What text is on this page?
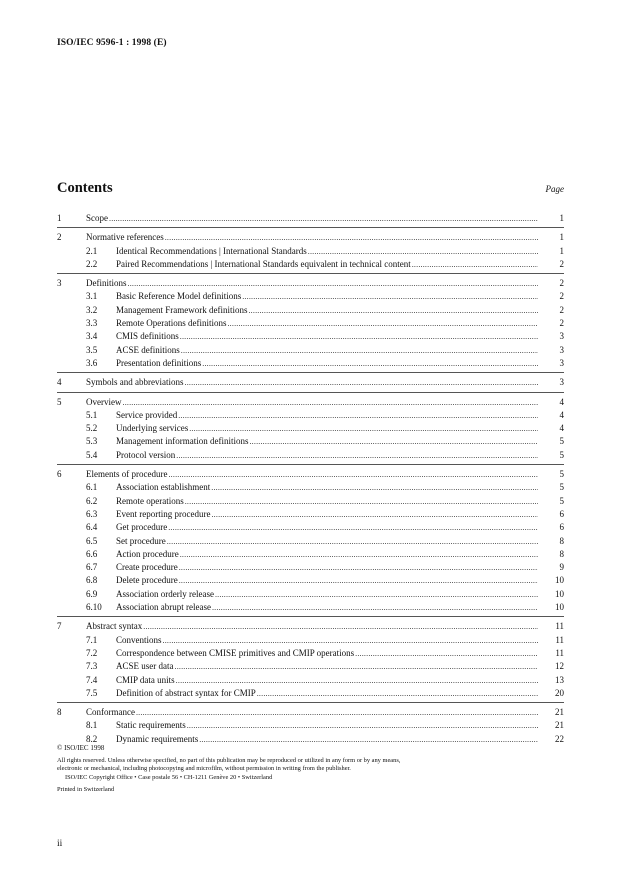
ISO/IEC 9596-1 : 1998 (E)
Contents	Page
1	Scope .....	1
2	Normative references .....	1
2.1	Identical Recommendations | International Standards .....	1
2.2	Paired Recommendations | International Standards equivalent in technical content .....	2
3	Definitions .....	2
3.1	Basic Reference Model definitions .....	2
3.2	Management Framework definitions .....	2
3.3	Remote Operations definitions .....	2
3.4	CMIS definitions .....	3
3.5	ACSE definitions .....	3
3.6	Presentation definitions .....	3
4	Symbols and abbreviations .....	3
5	Overview .....	4
5.1	Service provided .....	4
5.2	Underlying services .....	4
5.3	Management information definitions .....	5
5.4	Protocol version .....	5
6	Elements of procedure .....	5
6.1	Association establishment .....	5
6.2	Remote operations .....	5
6.3	Event reporting procedure .....	6
6.4	Get procedure .....	6
6.5	Set procedure .....	8
6.6	Action procedure .....	8
6.7	Create procedure .....	9
6.8	Delete procedure .....	10
6.9	Association orderly release .....	10
6.10	Association abrupt release .....	10
7	Abstract syntax .....	11
7.1	Conventions .....	11
7.2	Correspondence between CMISE primitives and CMIP operations .....	11
7.3	ACSE user data .....	12
7.4	CMIP data units .....	13
7.5	Definition of abstract syntax for CMIP .....	20
8	Conformance .....	21
8.1	Static requirements .....	21
8.2	Dynamic requirements .....	22

© ISO/IEC 1998

All rights reserved. Unless otherwise specified, no part of this publication may be reproduced or utilized in any form or by any means, electronic or mechanical, including photocopying and microfilm, without permission in writing from the publisher.

ISO/IEC Copyright Office • Case postale 56 • CH-1211 Genève 20 • Switzerland

Printed in Switzerland

ii
